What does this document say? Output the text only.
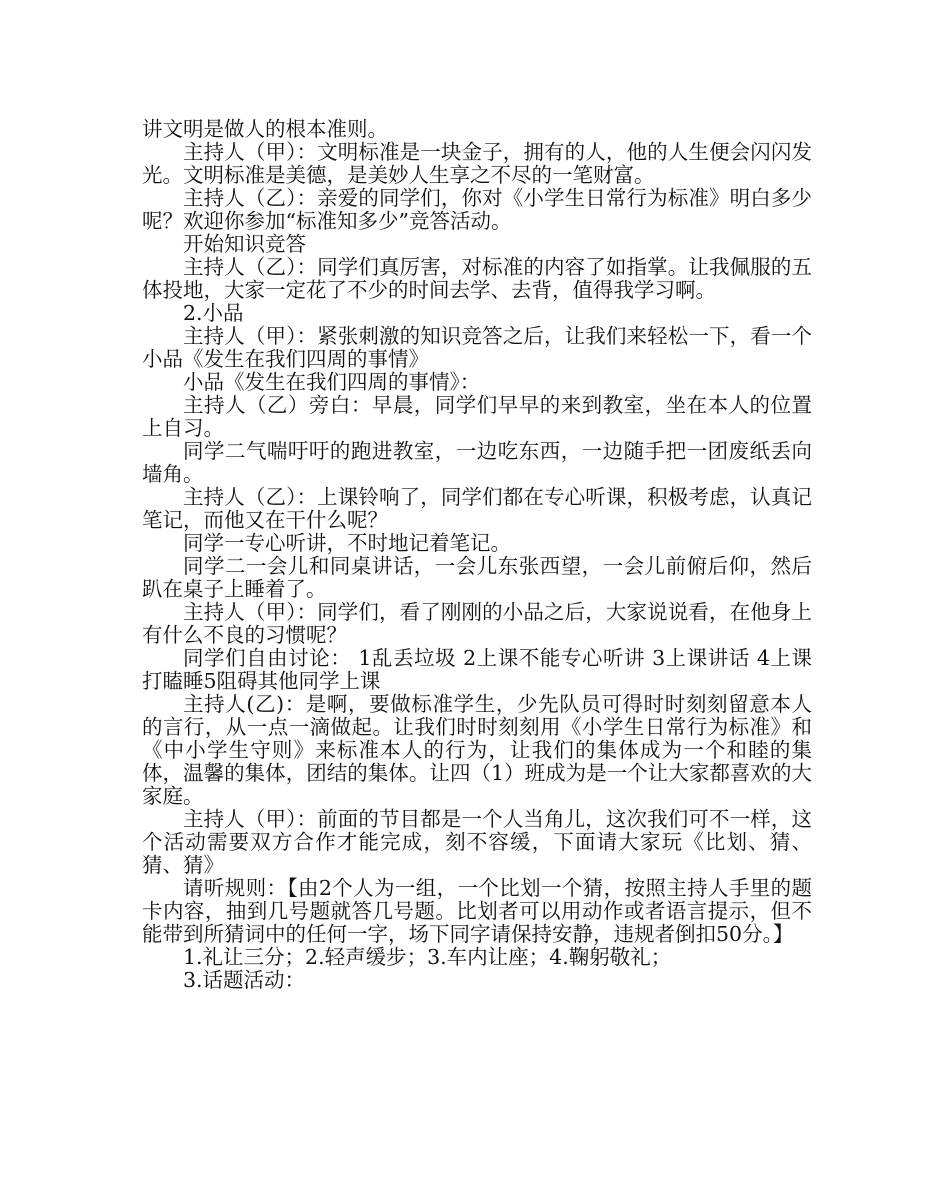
讲文明是做人的根本准则。

主持人（甲）：文明标准是一块金子，拥有的人，他的人生便会闪闪发光。文明标准是美德，是美妙人生享之不尽的一笔财富。

主持人（乙）：亲爱的同学们，你对《小学生日常行为标准》明白多少呢？欢迎你参加“标准知多少”竞答活动。

开始知识竞答

主持人（乙）：同学们真厉害，对标准的内容了如指掌。让我佩服的五体投地，大家一定花了不少的时间去学、去背，值得我学习啊。

2.小品

主持人（甲）：紧张刺激的知识竞答之后，让我们来轻松一下，看一个小品《发生在我们四周的事情》

小品《发生在我们四周的事情》：

主持人（乙）旁白：早晨，同学们早早的来到教室，坐在本人的位置上自习。

同学二气喘吁吁的跑进教室，一边吃东西，一边随手把一团废纸丢向墙角。

主持人（乙）：上课铃响了，同学们都在专心听课，积极考虑，认真记笔记，而他又在干什么呢？

同学一专心听讲，不时地记着笔记。

同学二一会儿和同桌讲话，一会儿东张西望，一会儿前俯后仰，然后趴在桌子上睡着了。

主持人（甲）：同学们，看了刚刚的小品之后，大家说说看，在他身上有什么不良的习惯呢？

同学们自由讨论： 1乱丢垃圾 2上课不能专心听讲 3上课讲话 4上课打瞌睡5阻碍其他同学上课

主持人(乙)：是啊，要做标准学生，少先队员可得时时刻刻留意本人的言行，从一点一滴做起。让我们时时刻刻用《小学生日常行为标准》和《中小学生守则》来标准本人的行为，让我们的集体成为一个和睦的集体，温馨的集体，团结的集体。让四（1）班成为是一个让大家都喜欢的大家庭。

主持人（甲）：前面的节目都是一个人当角儿，这次我们可不一样，这个活动需要双方合作才能完成，刻不容缓，下面请大家玩《比划、猜、猜、猜》

请听规则：【由2个人为一组，一个比划一个猜，按照主持人手里的题卡内容，抽到几号题就答几号题。比划者可以用动作或者语言提示，但不能带到所猜词中的任何一字，场下同字请保持安静，违规者倒扣50分。】

1.礼让三分；2.轻声缓步；3.车内让座；4.鞠躬敬礼；

3.话题活动：
